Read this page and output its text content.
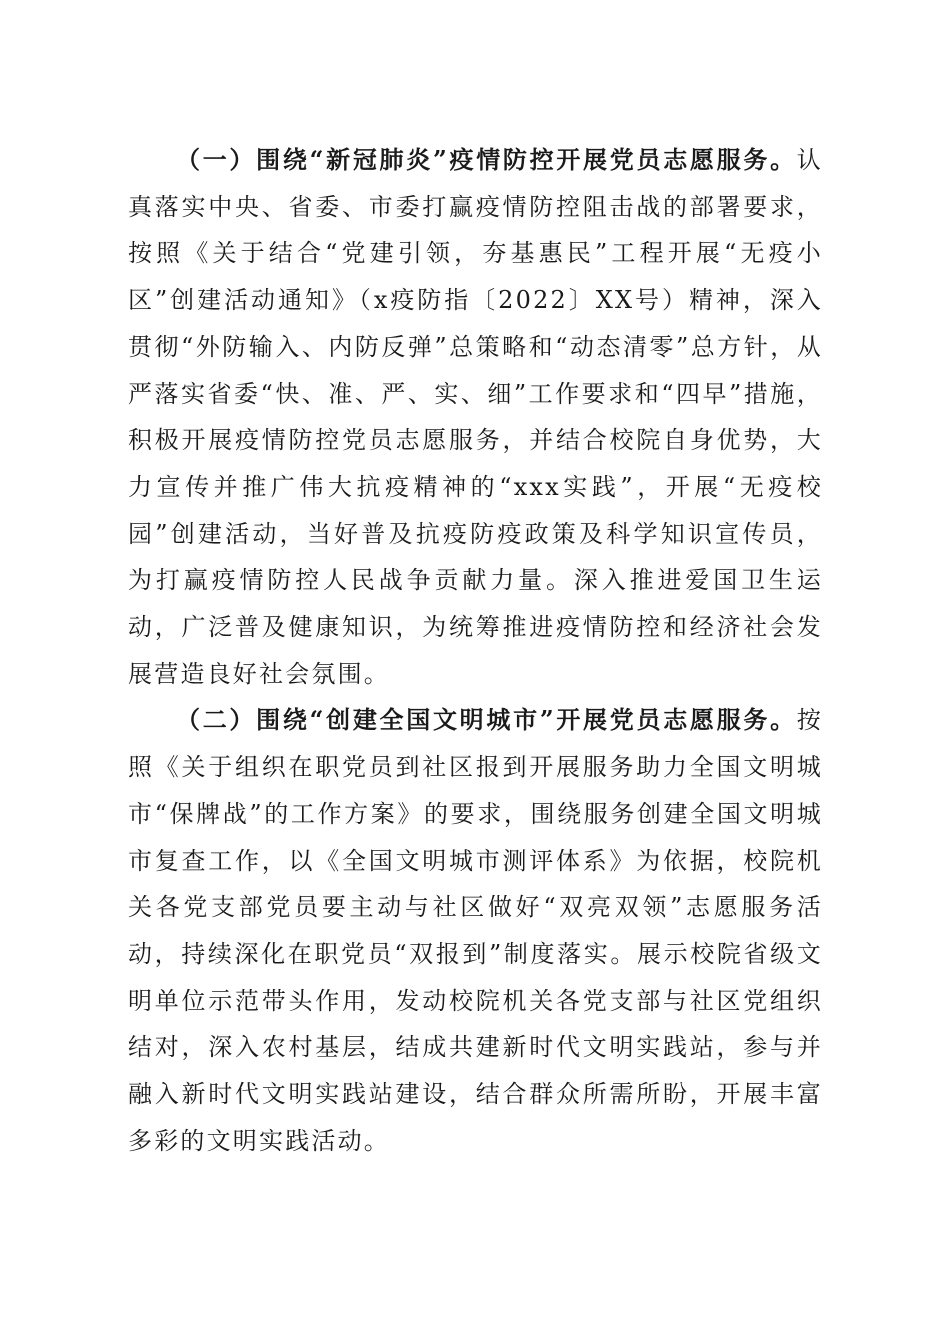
（一）围绕“新冠肺炎”疫情防控开展党员志愿服务。认真落实中央、省委、市委打赢疫情防控阻击战的部署要求，按照《关于结合“党建引领，夯基惠民”工程开展“无疫小区”创建活动通知》（x疫防指〔2022〕XX号）精神，深入贯彻“外防输入、内防反弹”总策略和“动态清零”总方针，从严落实省委“快、准、严、实、细”工作要求和“四早”措施，积极开展疫情防控党员志愿服务，并结合校院自身优势，大力宣传并推广伟大抗疫精神的“xxx实践”，开展“无疫校园”创建活动，当好普及抗疫防疫政策及科学知识宣传员，为打赢疫情防控人民战争贡献力量。深入推进爱国卫生运动，广泛普及健康知识，为统筹推进疫情防控和经济社会发展营造良好社会氛围。

（二）围绕“创建全国文明城市”开展党员志愿服务。按照《关于组织在职党员到社区报到开展服务助力全国文明城市“保牌战”的工作方案》的要求，围绕服务创建全国文明城市复查工作，以《全国文明城市测评体系》为依据，校院机关各党支部党员要主动与社区做好“双亮双领”志愿服务活动，持续深化在职党员“双报到”制度落实。展示校院省级文明单位示范带头作用，发动校院机关各党支部与社区党组织结对，深入农村基层，结成共建新时代文明实践站，参与并融入新时代文明实践站建设，结合群众所需所盼，开展丰富多彩的文明实践活动。
